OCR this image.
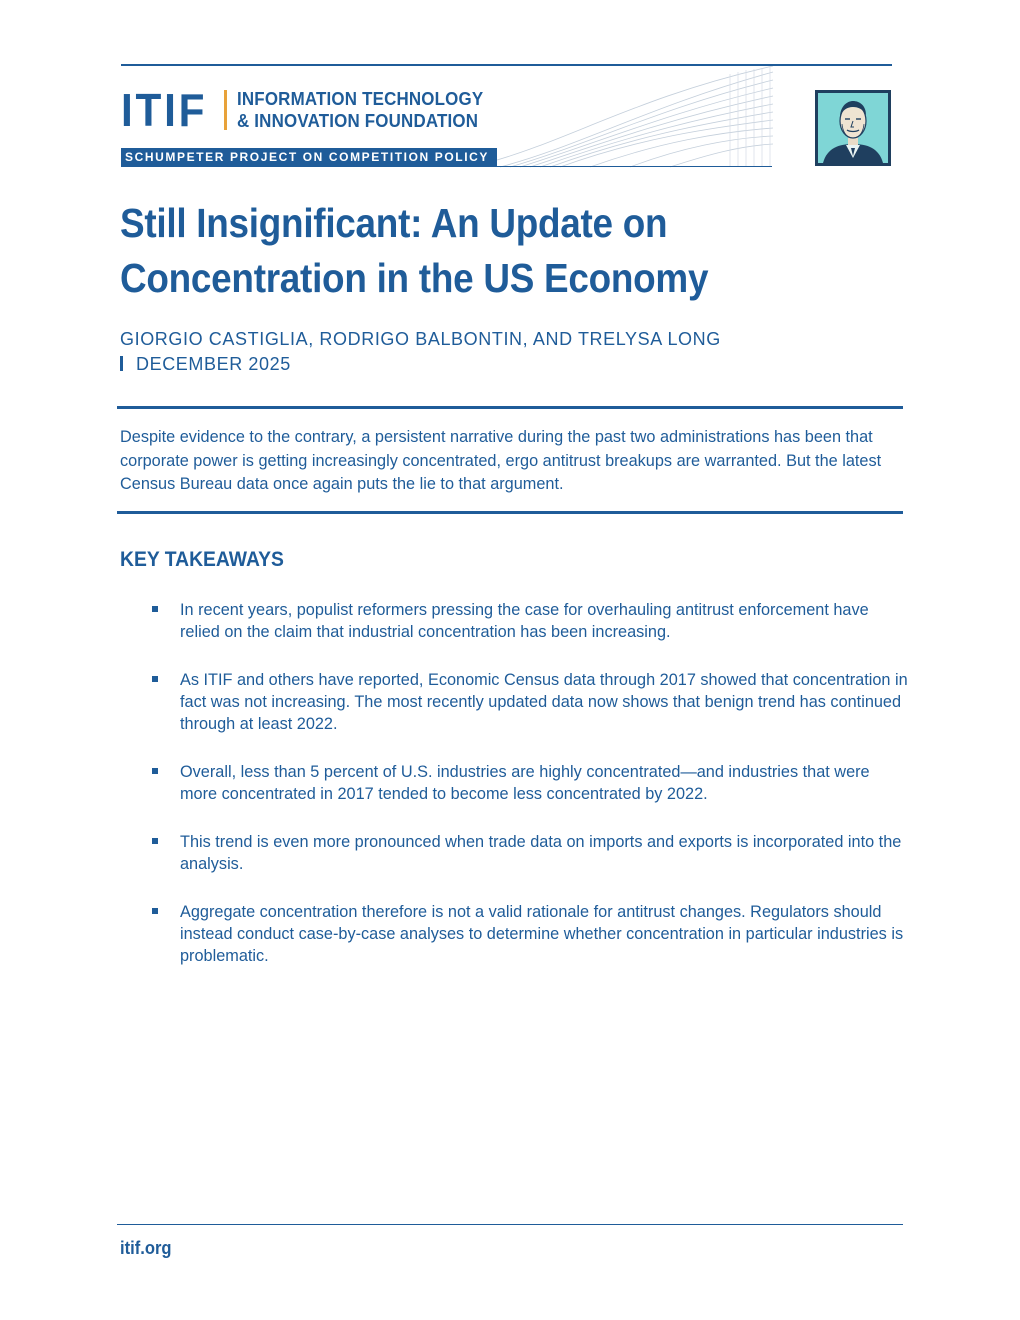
ITIF INFORMATION TECHNOLOGY
& INNOVATION FOUNDATION
SCHUMPETER PROJECT ON COMPETITION POLICY
Still Insignificant: An Update on Concentration in the US Economy
GIORGIO CASTIGLIA, RODRIGO BALBONTIN, AND TRELYSA LONG
DECEMBER 2025

Despite evidence to the contrary, a persistent narrative during the past two administrations has been that corporate power is getting increasingly concentrated, ergo antitrust breakups are warranted. But the latest Census Bureau data once again puts the lie to that argument.

KEY TAKEAWAYS
In recent years, populist reformers pressing the case for overhauling antitrust enforcement have relied on the claim that industrial concentration has been increasing.
As ITIF and others have reported, Economic Census data through 2017 showed that concentration in fact was not increasing. The most recently updated data now shows that benign trend has continued through at least 2022.
Overall, less than 5 percent of U.S. industries are highly concentrated—and industries that were more concentrated in 2017 tended to become less concentrated by 2022.
This trend is even more pronounced when trade data on imports and exports is incorporated into the analysis.
Aggregate concentration therefore is not a valid rationale for antitrust changes. Regulators should instead conduct case-by-case analyses to determine whether concentration in particular industries is problematic.
itif.org
